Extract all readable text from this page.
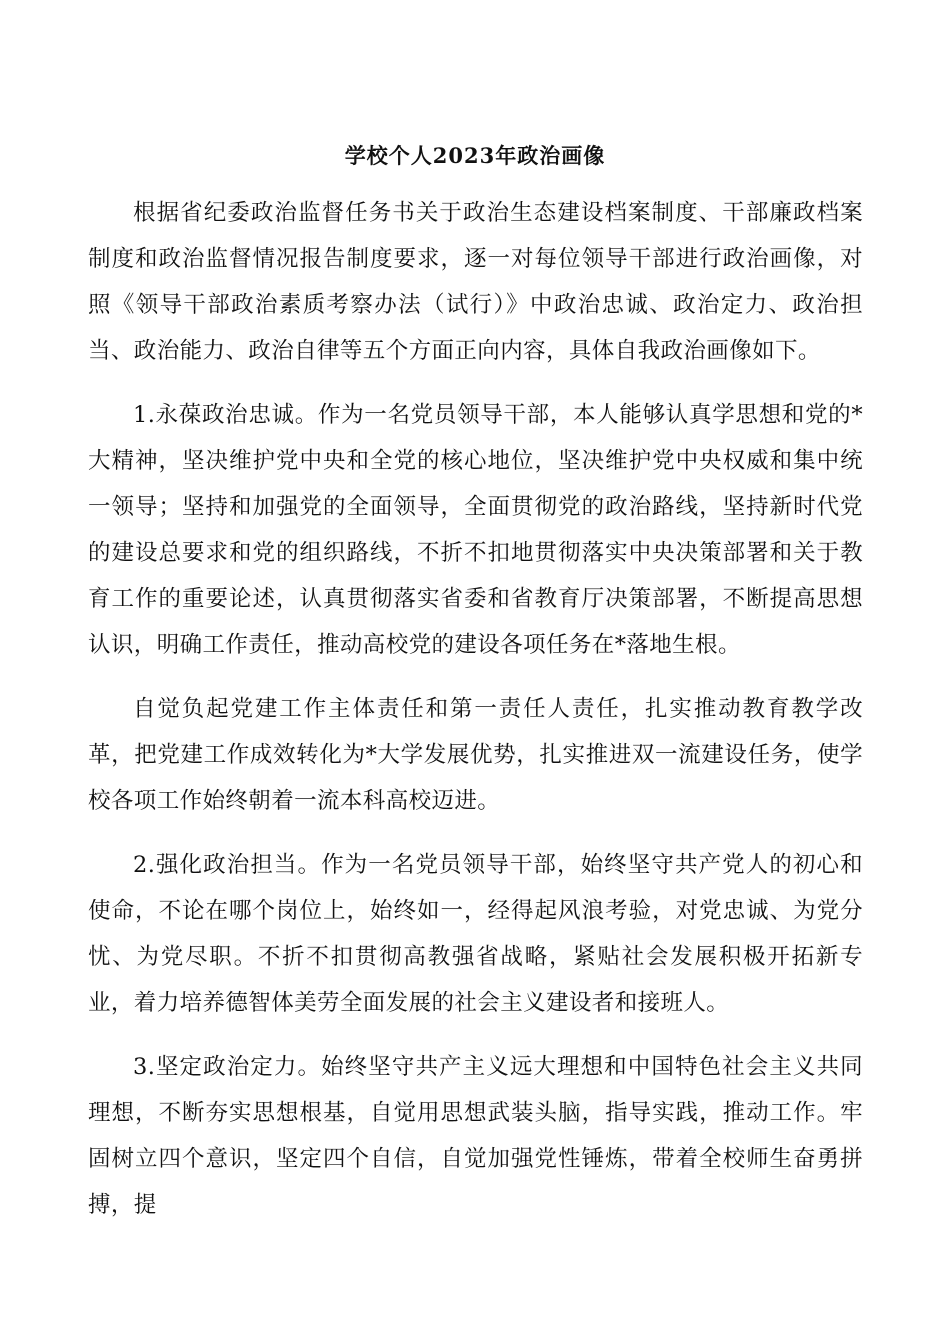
学校个人2023年政治画像

根据省纪委政治监督任务书关于政治生态建设档案制度、干部廉政档案制度和政治监督情况报告制度要求，逐一对每位领导干部进行政治画像，对照《领导干部政治素质考察办法（试行）》中政治忠诚、政治定力、政治担当、政治能力、政治自律等五个方面正向内容，具体自我政治画像如下。

1.永葆政治忠诚。作为一名党员领导干部，本人能够认真学思想和党的*大精神，坚决维护党中央和全党的核心地位，坚决维护党中央权威和集中统一领导；坚持和加强党的全面领导，全面贯彻党的政治路线，坚持新时代党的建设总要求和党的组织路线，不折不扣地贯彻落实中央决策部署和关于教育工作的重要论述，认真贯彻落实省委和省教育厅决策部署，不断提高思想认识，明确工作责任，推动高校党的建设各项任务在*落地生根。

自觉负起党建工作主体责任和第一责任人责任，扎实推动教育教学改革，把党建工作成效转化为*大学发展优势，扎实推进双一流建设任务，使学校各项工作始终朝着一流本科高校迈进。

2.强化政治担当。作为一名党员领导干部，始终坚守共产党人的初心和使命，不论在哪个岗位上，始终如一，经得起风浪考验，对党忠诚、为党分忧、为党尽职。不折不扣贯彻高教强省战略，紧贴社会发展积极开拓新专业，着力培养德智体美劳全面发展的社会主义建设者和接班人。

3.坚定政治定力。始终坚守共产主义远大理想和中国特色社会主义共同理想，不断夯实思想根基，自觉用思想武装头脑，指导实践，推动工作。牢固树立四个意识，坚定四个自信，自觉加强党性锤炼，带着全校师生奋勇拼搏，提
